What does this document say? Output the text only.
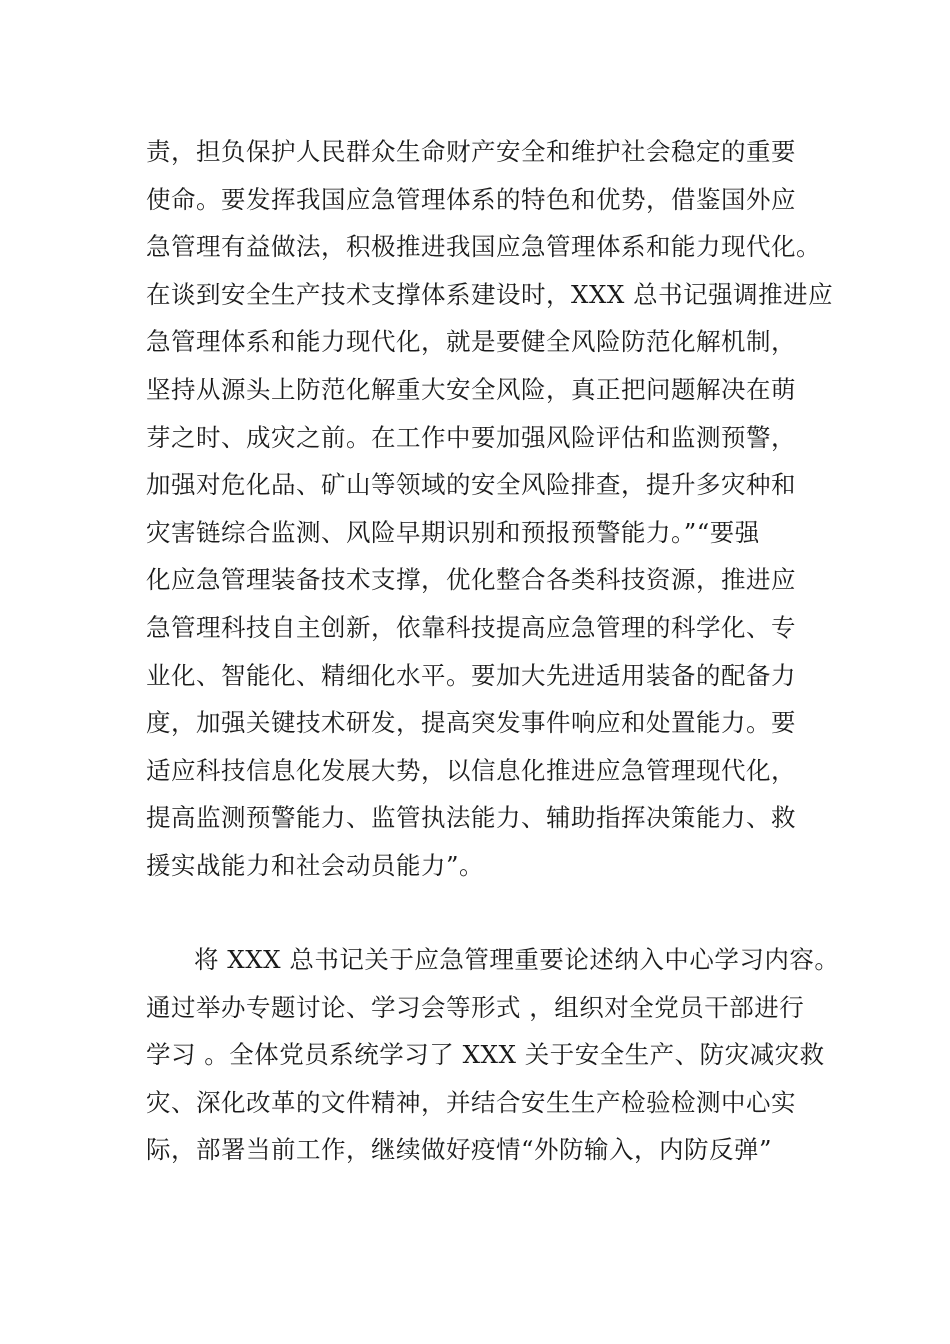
责，担负保护人民群众生命财产安全和维护社会稳定的重要
使命。要发挥我国应急管理体系的特色和优势，借鉴国外应
急管理有益做法，积极推进我国应急管理体系和能力现代化。
在谈到安全生产技术支撑体系建设时，XXX 总书记强调推进应
急管理体系和能力现代化，就是要健全风险防范化解机制，
坚持从源头上防范化解重大安全风险，真正把问题解决在萌
芽之时、成灾之前。在工作中要加强风险评估和监测预警，
加强对危化品、矿山等领域的安全风险排查，提升多灾种和
灾害链综合监测、风险早期识别和预报预警能力。”“要强
化应急管理装备技术支撑，优化整合各类科技资源，推进应
急管理科技自主创新，依靠科技提高应急管理的科学化、专
业化、智能化、精细化水平。要加大先进适用装备的配备力
度，加强关键技术研发，提高突发事件响应和处置能力。要
适应科技信息化发展大势，以信息化推进应急管理现代化，
提高监测预警能力、监管执法能力、辅助指挥决策能力、救
援实战能力和社会动员能力”。
将 XXX 总书记关于应急管理重要论述纳入中心学习内容。
通过举办专题讨论、学习会等形式 ，组织对全党员干部进行
学习 。全体党员系统学习了 XXX 关于安全生产、防灾减灾救
灾、深化改革的文件精神，并结合安生生产检验检测中心实
际，部署当前工作，继续做好疫情“外防输入，内防反弹”
